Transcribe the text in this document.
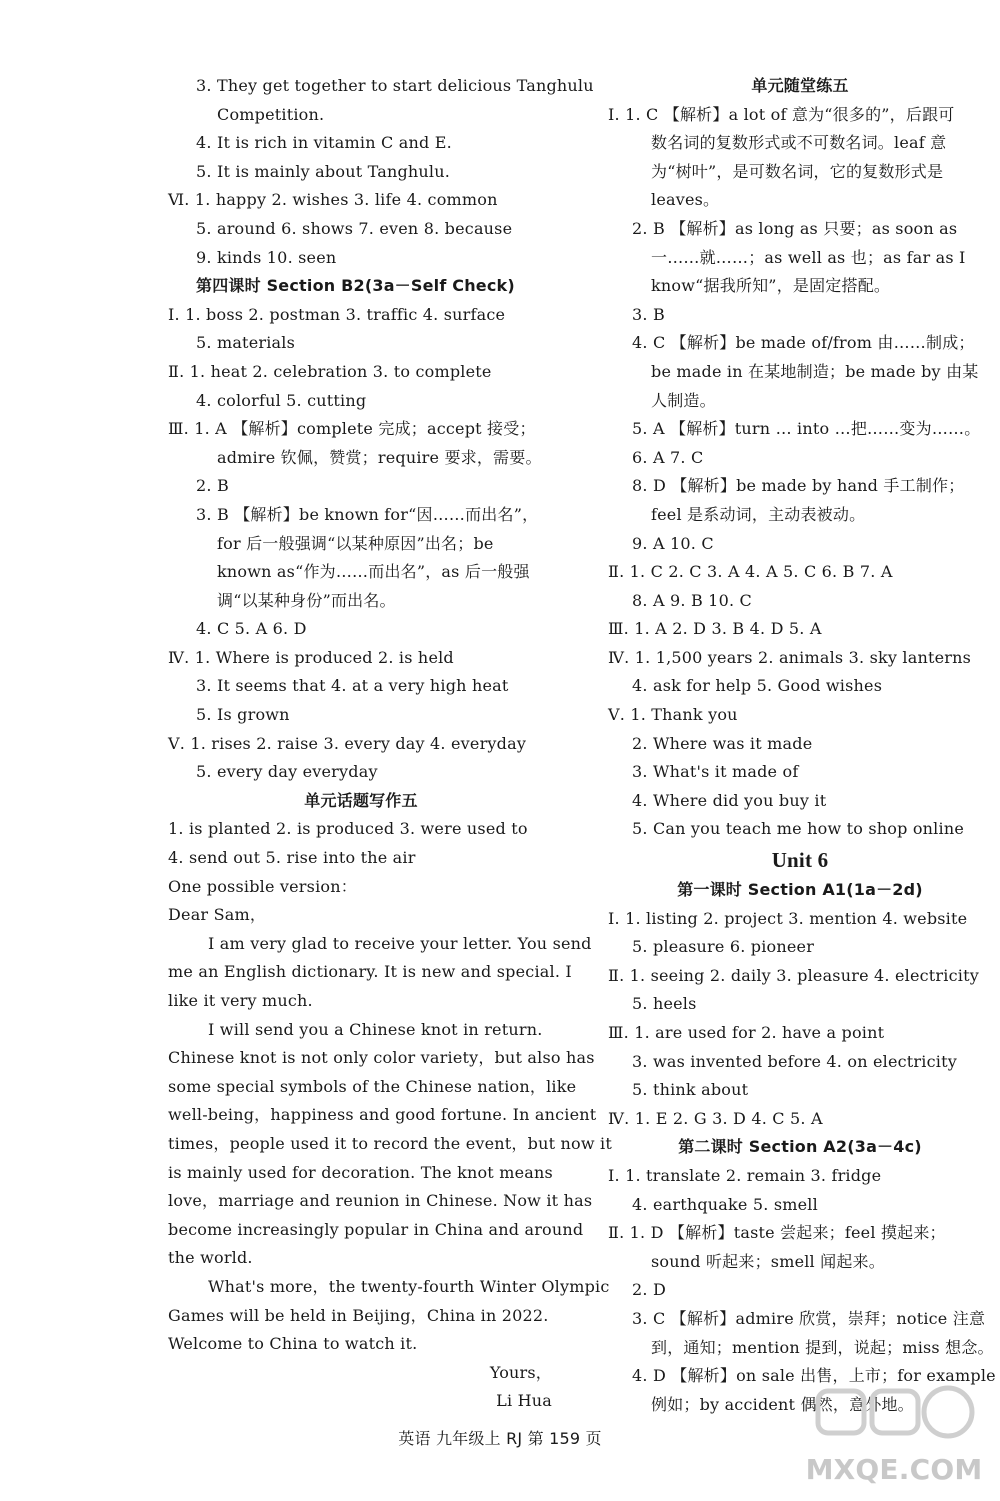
3. They get together to start delicious Tanghulu
Competition.
4. It is rich in vitamin C and E.
5. It is mainly about Tanghulu.
Ⅵ. 1. happy 2. wishes 3. life 4. common
5. around 6. shows 7. even 8. because
9. kinds 10. seen
第四课时 Section B2(3a－Self Check)
Ⅰ. 1. boss 2. postman 3. traffic 4. surface
5. materials
Ⅱ. 1. heat 2. celebration 3. to complete
4. colorful 5. cutting
Ⅲ. 1. A 【解析】complete 完成；accept 接受；
admire 钦佩，赞赏；require 要求，需要。
2. B
3. B 【解析】be known for“因……而出名”，
for 后一般强调“以某种原因”出名；be
known as“作为……而出名”，as 后一般强
调“以某种身份”而出名。
4. C 5. A 6. D
Ⅳ. 1. Where is produced 2. is held
3. It seems that 4. at a very high heat
5. Is grown
Ⅴ. 1. rises 2. raise 3. every day 4. everyday
5. every day everyday
单元话题写作五
1. is planted 2. is produced 3. were used to
4. send out 5. rise into the air
One possible version：
Dear Sam，
I am very glad to receive your letter. You send
me an English dictionary. It is new and special. I
like it very much.
I will send you a Chinese knot in return.
Chinese knot is not only color variety，but also has
some special symbols of the Chinese nation，like
well-being，happiness and good fortune. In ancient
times，people used it to record the event，but now it
is mainly used for decoration. The knot means
love，marriage and reunion in Chinese. Now it has
become increasingly popular in China and around
the world.
What's more，the twenty-fourth Winter Olympic
Games will be held in Beijing，China in 2022.
Welcome to China to watch it.
Yours，
Li Hua
单元随堂练五
Ⅰ. 1. C 【解析】a lot of 意为“很多的”，后跟可
数名词的复数形式或不可数名词。leaf 意
为“树叶”，是可数名词，它的复数形式是
leaves。
2. B 【解析】as long as 只要；as soon as
一……就……；as well as 也；as far as I
know“据我所知”，是固定搭配。
3. B
4. C 【解析】be made of/from 由……制成；
be made in 在某地制造；be made by 由某
人制造。
5. A 【解析】turn … into …把……变为……。
6. A 7. C
8. D 【解析】be made by hand 手工制作；
feel 是系动词，主动表被动。
9. A 10. C
Ⅱ. 1. C 2. C 3. A 4. A 5. C 6. B 7. A
8. A 9. B 10. C
Ⅲ. 1. A 2. D 3. B 4. D 5. A
Ⅳ. 1. 1,500 years 2. animals 3. sky lanterns
4. ask for help 5. Good wishes
Ⅴ. 1. Thank you
2. Where was it made
3. What's it made of
4. Where did you buy it
5. Can you teach me how to shop online
Unit 6
第一课时 Section A1(1a－2d)
Ⅰ. 1. listing 2. project 3. mention 4. website
5. pleasure 6. pioneer
Ⅱ. 1. seeing 2. daily 3. pleasure 4. electricity
5. heels
Ⅲ. 1. are used for 2. have a point
3. was invented before 4. on electricity
5. think about
Ⅳ. 1. E 2. G 3. D 4. C 5. A
第二课时 Section A2(3a－4c)
Ⅰ. 1. translate 2. remain 3. fridge
4. earthquake 5. smell
Ⅱ. 1. D 【解析】taste 尝起来；feel 摸起来；
sound 听起来；smell 闻起来。
2. D
3. C 【解析】admire 欣赏，崇拜；notice 注意
到，通知；mention 提到，说起；miss 想念。
4. D 【解析】on sale 出售，上市；for example
例如；by accident 偶然，意外地。
英语 九年级上 RJ 第 159 页
MXQE.COM
